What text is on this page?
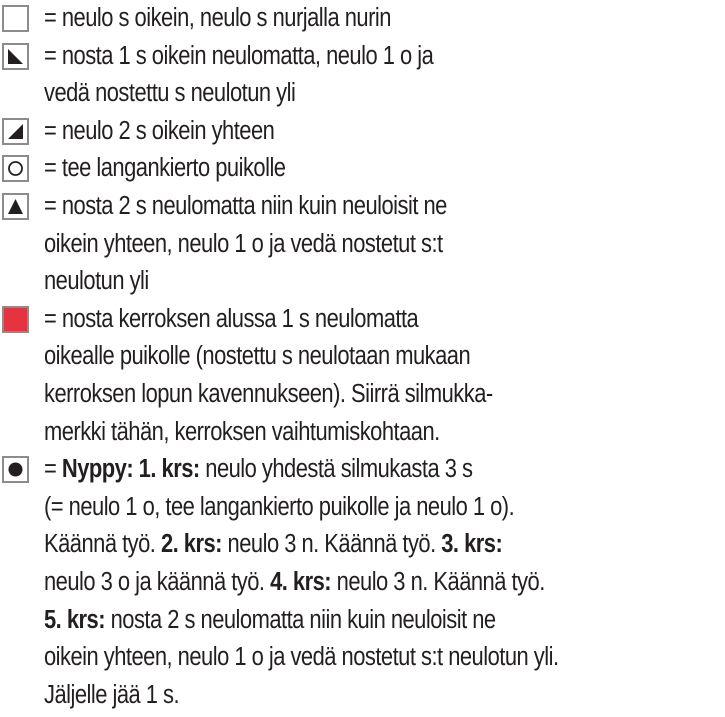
= neulo s oikein, neulo s nurjalla nurin
= nosta 1 s oikein neulomatta, neulo 1 o ja
vedä nostettu s neulotun yli
= neulo 2 s oikein yhteen
= tee langankierto puikolle
= nosta 2 s neulomatta niin kuin neuloisit ne
oikein yhteen, neulo 1 o ja vedä nostetut s:t
neulotun yli
= nosta kerroksen alussa 1 s neulomatta
oikealle puikolle (nostettu s neulotaan mukaan
kerroksen lopun kavennukseen). Siirrä silmukka-
merkki tähän, kerroksen vaihtumiskohtaan.
= Nyppy: 1. krs: neulo yhdestä silmukasta 3 s
(= neulo 1 o, tee langankierto puikolle ja neulo 1 o).
Käännä työ. 2. krs: neulo 3 n. Käännä työ. 3. krs:
neulo 3 o ja käännä työ. 4. krs: neulo 3 n. Käännä työ.
5. krs: nosta 2 s neulomatta niin kuin neuloisit ne
oikein yhteen, neulo 1 o ja vedä nostetut s:t neulotun yli.
Jäljelle jää 1 s.
